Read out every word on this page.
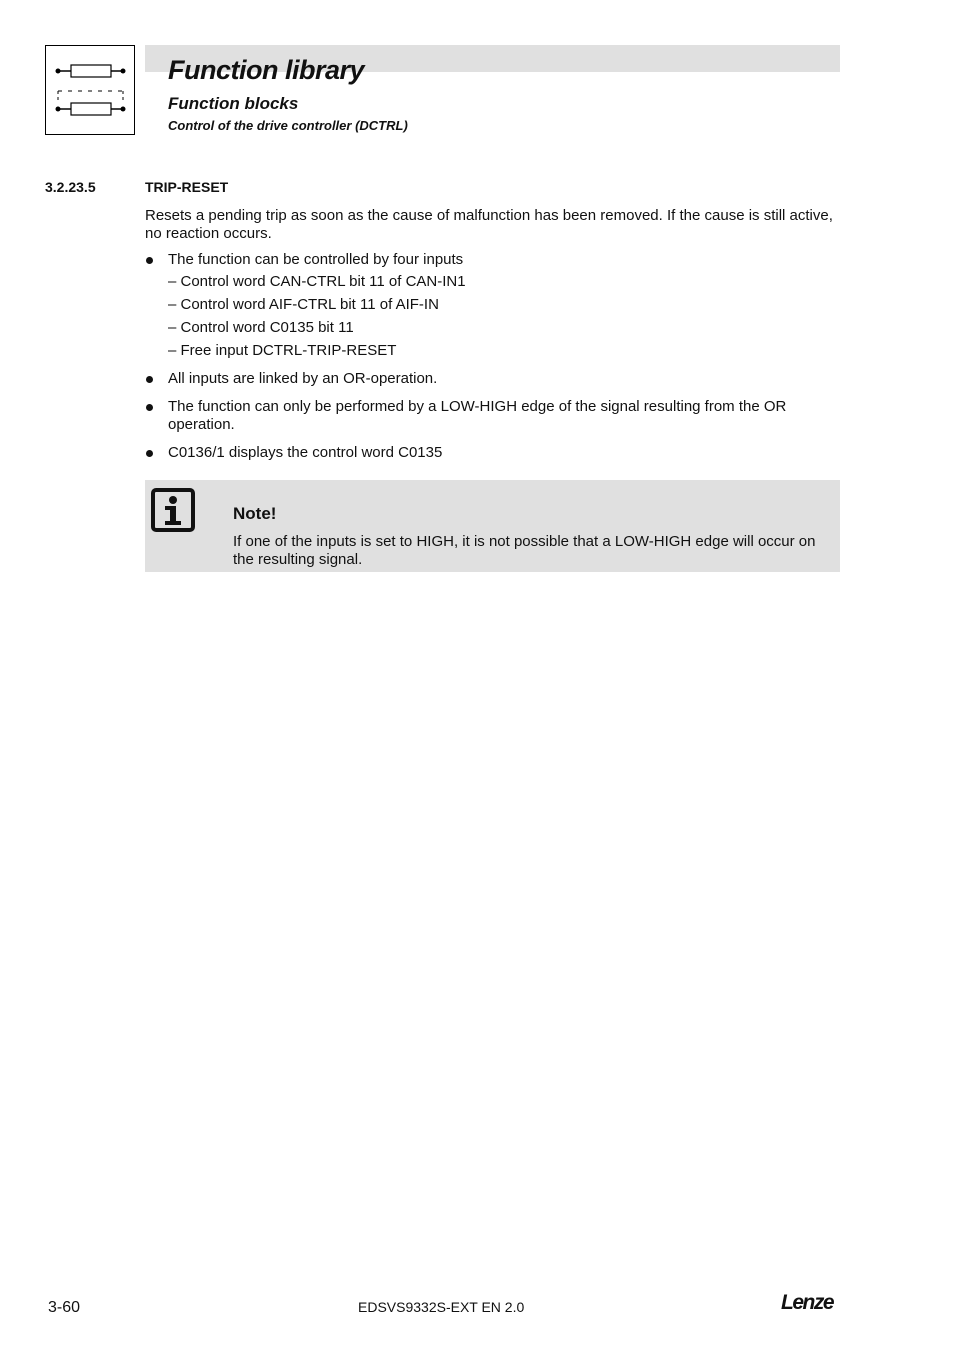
Function library
Function blocks
Control of the drive controller (DCTRL)
3.2.23.5	TRIP-RESET

Resets a pending trip as soon as the cause of malfunction has been removed. If the cause is still active, no reaction occurs.

The function can be controlled by four inputs
– Control word CAN-CTRL bit 11 of CAN-IN1
– Control word AIF-CTRL bit 11 of AIF-IN
– Control word C0135 bit 11
– Free input DCTRL-TRIP-RESET
All inputs are linked by an OR-operation.
The function can only be performed by a LOW-HIGH edge of the signal resulting from the OR operation.
C0136/1 displays the control word C0135
Note!
If one of the inputs is set to HIGH, it is not possible that a LOW-HIGH edge will occur on the resulting signal.
3-60	EDSVS9332S-EXT EN 2.0	Lenze
